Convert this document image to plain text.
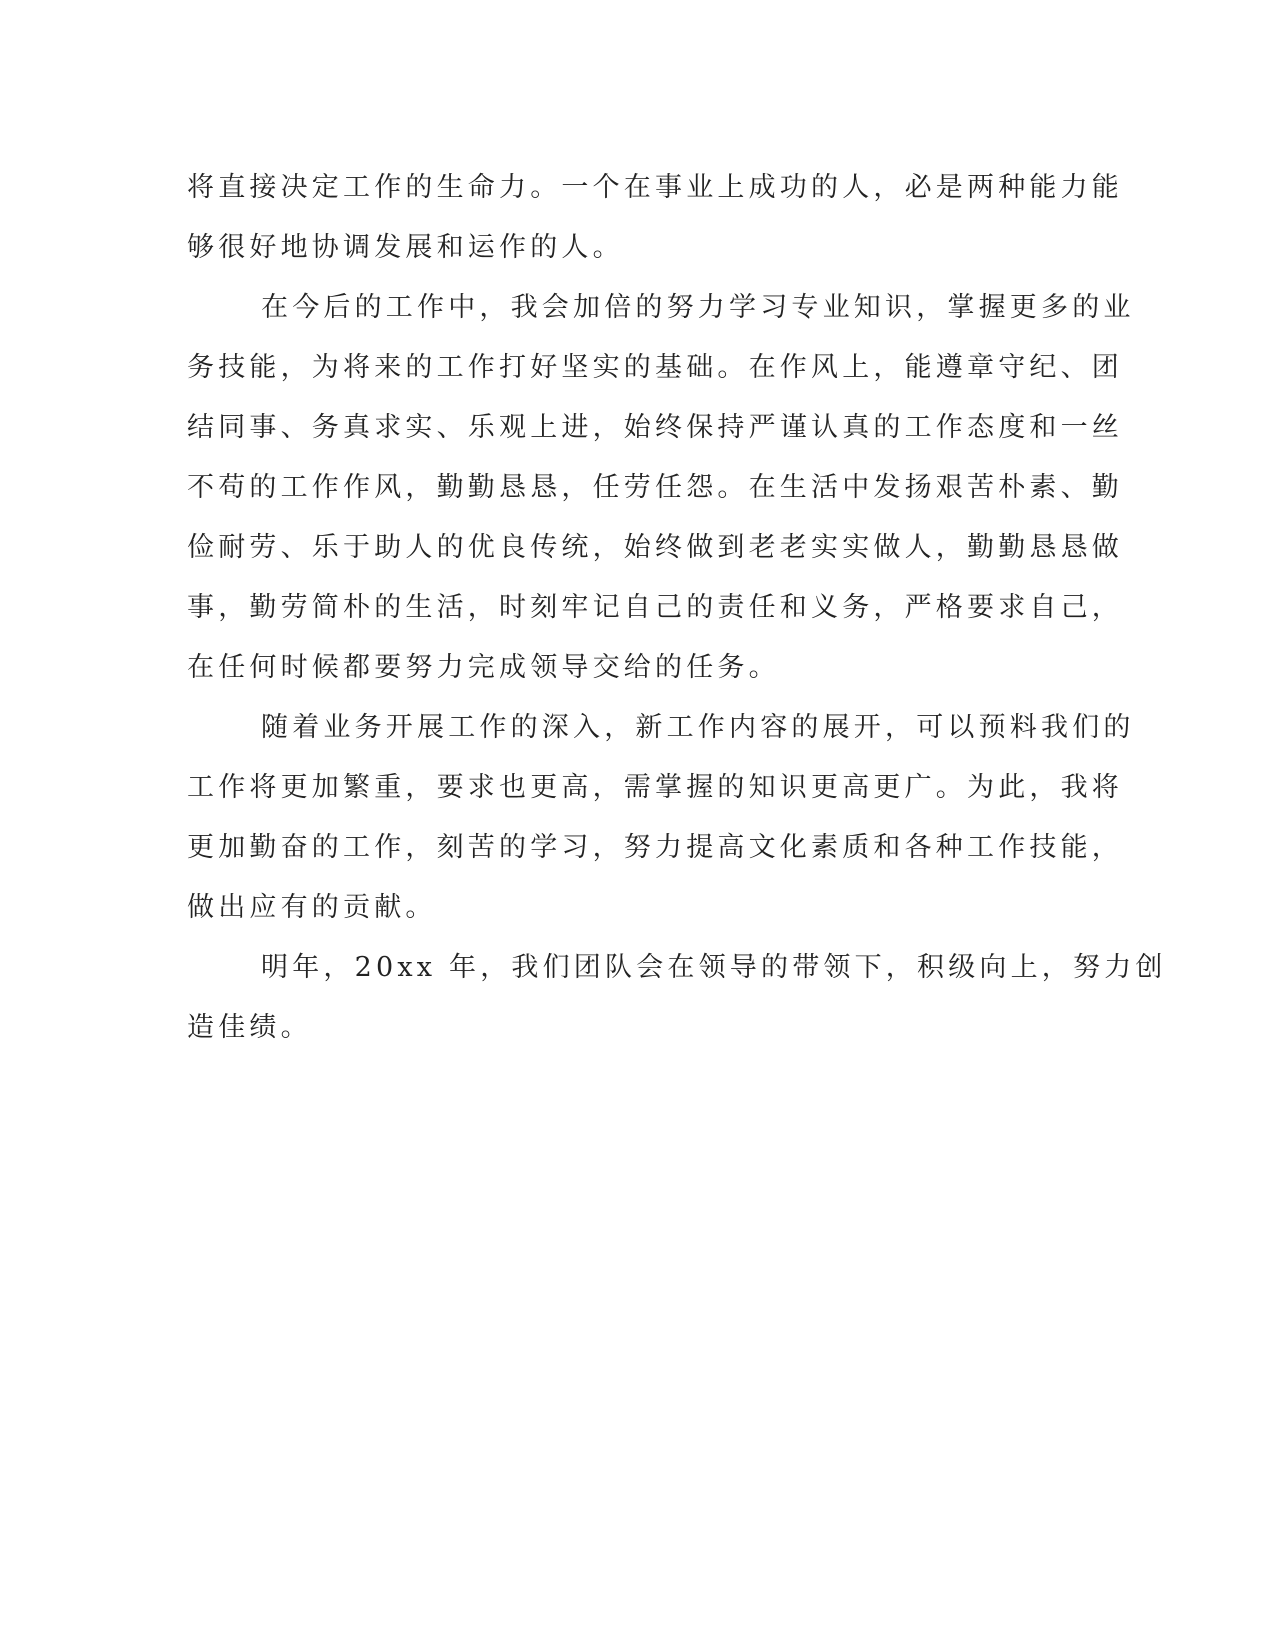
将直接决定工作的生命力。一个在事业上成功的人，必是两种能力能
够很好地协调发展和运作的人。
在今后的工作中，我会加倍的努力学习专业知识，掌握更多的业
务技能，为将来的工作打好坚实的基础。在作风上，能遵章守纪、团
结同事、务真求实、乐观上进，始终保持严谨认真的工作态度和一丝
不苟的工作作风，勤勤恳恳，任劳任怨。在生活中发扬艰苦朴素、勤
俭耐劳、乐于助人的优良传统，始终做到老老实实做人，勤勤恳恳做
事，勤劳简朴的生活，时刻牢记自己的责任和义务，严格要求自己，
在任何时候都要努力完成领导交给的任务。
随着业务开展工作的深入，新工作内容的展开，可以预料我们的
工作将更加繁重，要求也更高，需掌握的知识更高更广。为此，我将
更加勤奋的工作，刻苦的学习，努力提高文化素质和各种工作技能，
做出应有的贡献。
明年，20xx 年，我们团队会在领导的带领下，积级向上，努力创
造佳绩。
